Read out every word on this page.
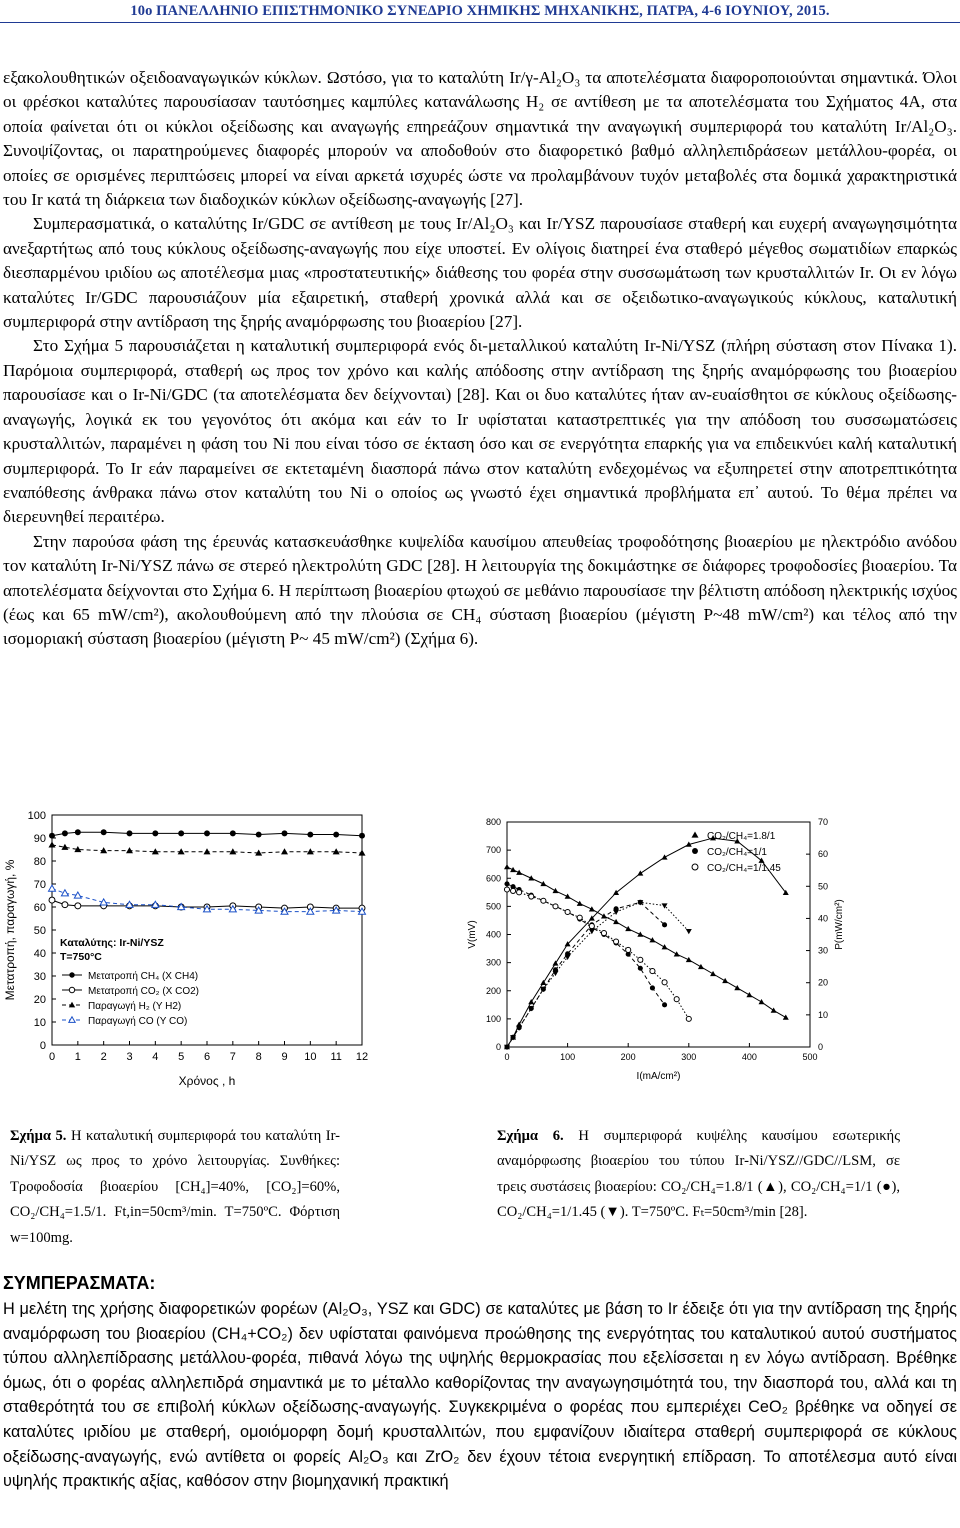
10ο ΠΑΝΕΛΛΗΝΙΟ ΕΠΙΣΤΗΜΟΝΙΚΟ ΣΥΝΕΔΡΙΟ ΧΗΜΙΚΗΣ ΜΗΧΑΝΙΚΗΣ, ΠΑΤΡΑ, 4-6 ΙΟΥΝΙΟΥ, 2015.

εξακολουθητικών οξειδοαναγωγικών κύκλων. Ωστόσο, για το καταλύτη Ir/γ-Al₂O₃ τα αποτελέσματα διαφοροποιούνται σημαντικά. Όλοι οι φρέσκοι καταλύτες παρουσίασαν ταυτόσημες καμπύλες κατανάλωσης H₂ σε αντίθεση με τα αποτελέσματα του Σχήματος 4Α, στα οποία φαίνεται ότι οι κύκλοι οξείδωσης και αναγωγής επηρεάζουν σημαντικά την αναγωγική συμπεριφορά του καταλύτη Ir/Al₂O₃. Συνοψίζοντας, οι παρατηρούμενες διαφορές μπορούν να αποδοθούν στο διαφορετικό βαθμό αλληλεπιδράσεων μετάλλου-φορέα, οι οποίες σε ορισμένες περιπτώσεις μπορεί να είναι αρκετά ισχυρές ώστε να προλαμβάνουν τυχόν μεταβολές στα δομικά χαρακτηριστικά του Ir κατά τη διάρκεια των διαδοχικών κύκλων οξείδωσης-αναγωγής [27].

Συμπερασματικά, ο καταλύτης Ir/GDC σε αντίθεση με τους Ir/Al₂O₃ και Ir/YSZ παρουσίασε σταθερή και ευχερή αναγωγησιμότητα ανεξαρτήτως από τους κύκλους οξείδωσης-αναγωγής που είχε υποστεί. Εν ολίγοις διατηρεί ένα σταθερό μέγεθος σωματιδίων επαρκώς διεσπαρμένου ιριδίου ως αποτέλεσμα μιας «προστατευτικής» διάθεσης του φορέα στην συσσωμάτωση των κρυσταλλιτών Ir. Οι εν λόγω καταλύτες Ir/GDC παρουσιάζουν μία εξαιρετική, σταθερή χρονικά αλλά και σε οξειδωτικο-αναγωγικούς κύκλους, καταλυτική συμπεριφορά στην αντίδραση της ξηρής αναμόρφωσης του βιοαερίου [27].

Στο Σχήμα 5 παρουσιάζεται η καταλυτική συμπεριφορά ενός δι-μεταλλικού καταλύτη Ir-Ni/YSZ (πλήρη σύσταση στον Πίνακα 1). Παρόμοια συμπεριφορά, σταθερή ως προς τον χρόνο και καλής απόδοσης στην αντίδραση της ξηρής αναμόρφωσης του βιοαερίου παρουσίασε και ο Ir-Ni/GDC (τα αποτελέσματα δεν δείχνονται) [28]. Και οι δυο καταλύτες ήταν αν-ευαίσθητοι σε κύκλους οξείδωσης-αναγωγής, λογικά εκ του γεγονότος ότι ακόμα και εάν το Ir υφίσταται καταστρεπτικές για την απόδοση του συσσωματώσεις κρυσταλλιτών, παραμένει η φάση του Ni που είναι τόσο σε έκταση όσο και σε ενεργότητα επαρκής για να επιδεικνύει καλή καταλυτική συμπεριφορά. Το Ir εάν παραμείνει σε εκτεταμένη διασπορά πάνω στον καταλύτη ενδεχομένως να εξυπηρετεί στην αποτρεπτικότητα εναπόθεσης άνθρακα πάνω στον καταλύτη του Ni ο οποίος ως γνωστό έχει σημαντικά προβλήματα επ᾽ αυτού. Το θέμα πρέπει να διερευνηθεί περαιτέρω.

Στην παρούσα φάση της έρευνάς κατασκευάσθηκε κυψελίδα καυσίμου απευθείας τροφοδότησης βιοαερίου με ηλεκτρόδιο ανόδου τον καταλύτη Ir-Ni/YSZ πάνω σε στερεό ηλεκτρολύτη GDC [28]. Η λειτουργία της δοκιμάστηκε σε διάφορες τροφοδοσίες βιοαερίου. Τα αποτελέσματα δείχνονται στο Σχήμα 6. Η περίπτωση βιοαερίου φτωχού σε μεθάνιο παρουσίασε την βέλτιστη απόδοση ηλεκτρικής ισχύος (έως και 65 mW/cm²), ακολουθούμενη από την πλούσια σε CH₄ σύσταση βιοαερίου (μέγιστη P~48 mW/cm²) και τέλος από την ισομοριακή σύσταση βιοαερίου (μέγιστη P~ 45 mW/cm²) (Σχήμα 6).

0
10
20
30
40
50
60
70
80
90
100
0 1 2 3 4 5 6 7 8 9 10 11 12
Χρόνος , h
Μετατροπή, παραγωγή, %	Καταλύτης: Ir-Ni/YSZ
T=750°C
Μετατροπή CH₄ (X CH4)
Μετατροπή CO₂ (X CO2)
Παραγωγή H₂ (Y H2)
Παραγωγή CO (Y CO)
0
100
200
300
400
500
600
700
800
0
10
20
30
40
50
60
70
0	100	200	300	400	500
I(mA/cm²)
V(mV)	P(mW/cm²)
CO₂/CH₄=1.8/1
CO₂/CH₄=1/1
CO₂/CH₄=1/1.45
Σχήμα 5. Η καταλυτική συμπεριφορά του καταλύτη Ir-Ni/YSZ ως προς το χρόνο λειτουργίας. Συνθήκες: Τροφοδοσία βιοαερίου [CH₄]=40%, [CO₂]=60%, CO₂/CH₄=1.5/1. Ft,in=50cm³/min. T=750ºC. Φόρτιση w=100mg.
Σχήμα 6. Η συμπεριφορά κυψέλης καυσίμου εσωτερικής αναμόρφωσης βιοαερίου του τύπου Ir-Ni/YSZ//GDC//LSM, σε τρεις συστάσεις βιοαερίου: CO₂/CH₄=1.8/1 (▲), CO₂/CH₄=1/1 (●), CO₂/CH₄=1/1.45 (▼). T=750ºC. Fₜ=50cm³/min [28].
ΣΥΜΠΕΡΑΣΜΑΤΑ:
Η μελέτη της χρήσης διαφορετικών φορέων (Al₂O₃, YSZ και GDC) σε καταλύτες με βάση το Ir έδειξε ότι για την αντίδραση της ξηρής αναμόρφωση του βιοαερίου (CH₄+CO₂) δεν υφίσταται φαινόμενα προώθησης της ενεργότητας του καταλυτικού αυτού συστήματος τύπου αλληλεπίδρασης μετάλλου-φορέα, πιθανά λόγω της υψηλής θερμοκρασίας που εξελίσσεται η εν λόγω αντίδραση. Βρέθηκε όμως, ότι ο φορέας αλληλεπιδρά σημαντικά με το μέταλλο καθορίζοντας την αναγωγησιμότητά του, την διασπορά του, αλλά και τη σταθερότητά του σε επιβολή κύκλων οξείδωσης-αναγωγής. Συγκεκριμένα ο φορέας που εμπεριέχει CeO₂ βρέθηκε να οδηγεί σε καταλύτες ιριδίου με σταθερή, ομοιόμορφη δομή κρυσταλλιτών, που εμφανίζουν ιδιαίτερα σταθερή συμπεριφορά σε κύκλους οξείδωσης-αναγωγής, ενώ αντίθετα οι φορείς Al₂O₃ και ZrO₂ δεν έχουν τέτοια ενεργητική επίδραση. Το αποτέλεσμα αυτό είναι υψηλής πρακτικής αξίας, καθόσον στην βιομηχανική πρακτική
